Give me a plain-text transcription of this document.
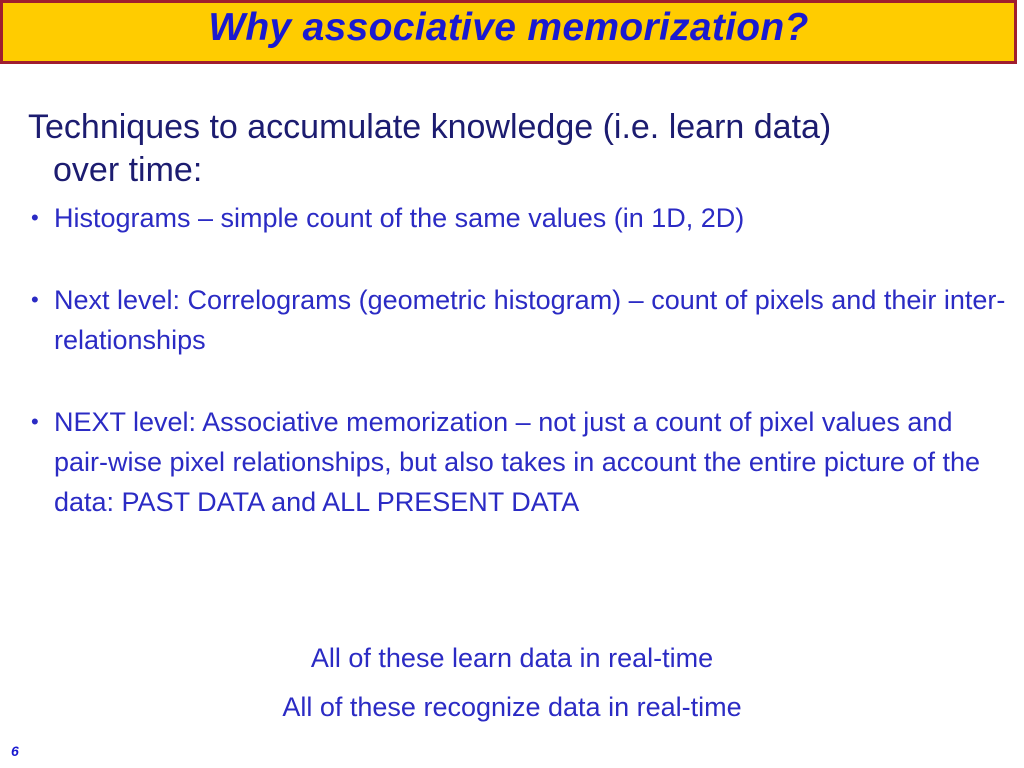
Why associative memorization?
Techniques to accumulate knowledge (i.e. learn data)
over time:
• Histograms – simple count of the same values (in 1D, 2D)
• Next level: Correlograms (geometric histogram) – count of pixels and their inter-relationships
• NEXT level: Associative memorization – not just a count of pixel values and pair-wise pixel relationships, but also takes in account the entire picture of the data: PAST DATA and ALL PRESENT DATA
All of these learn data in real-time
All of these recognize data in real-time
6
